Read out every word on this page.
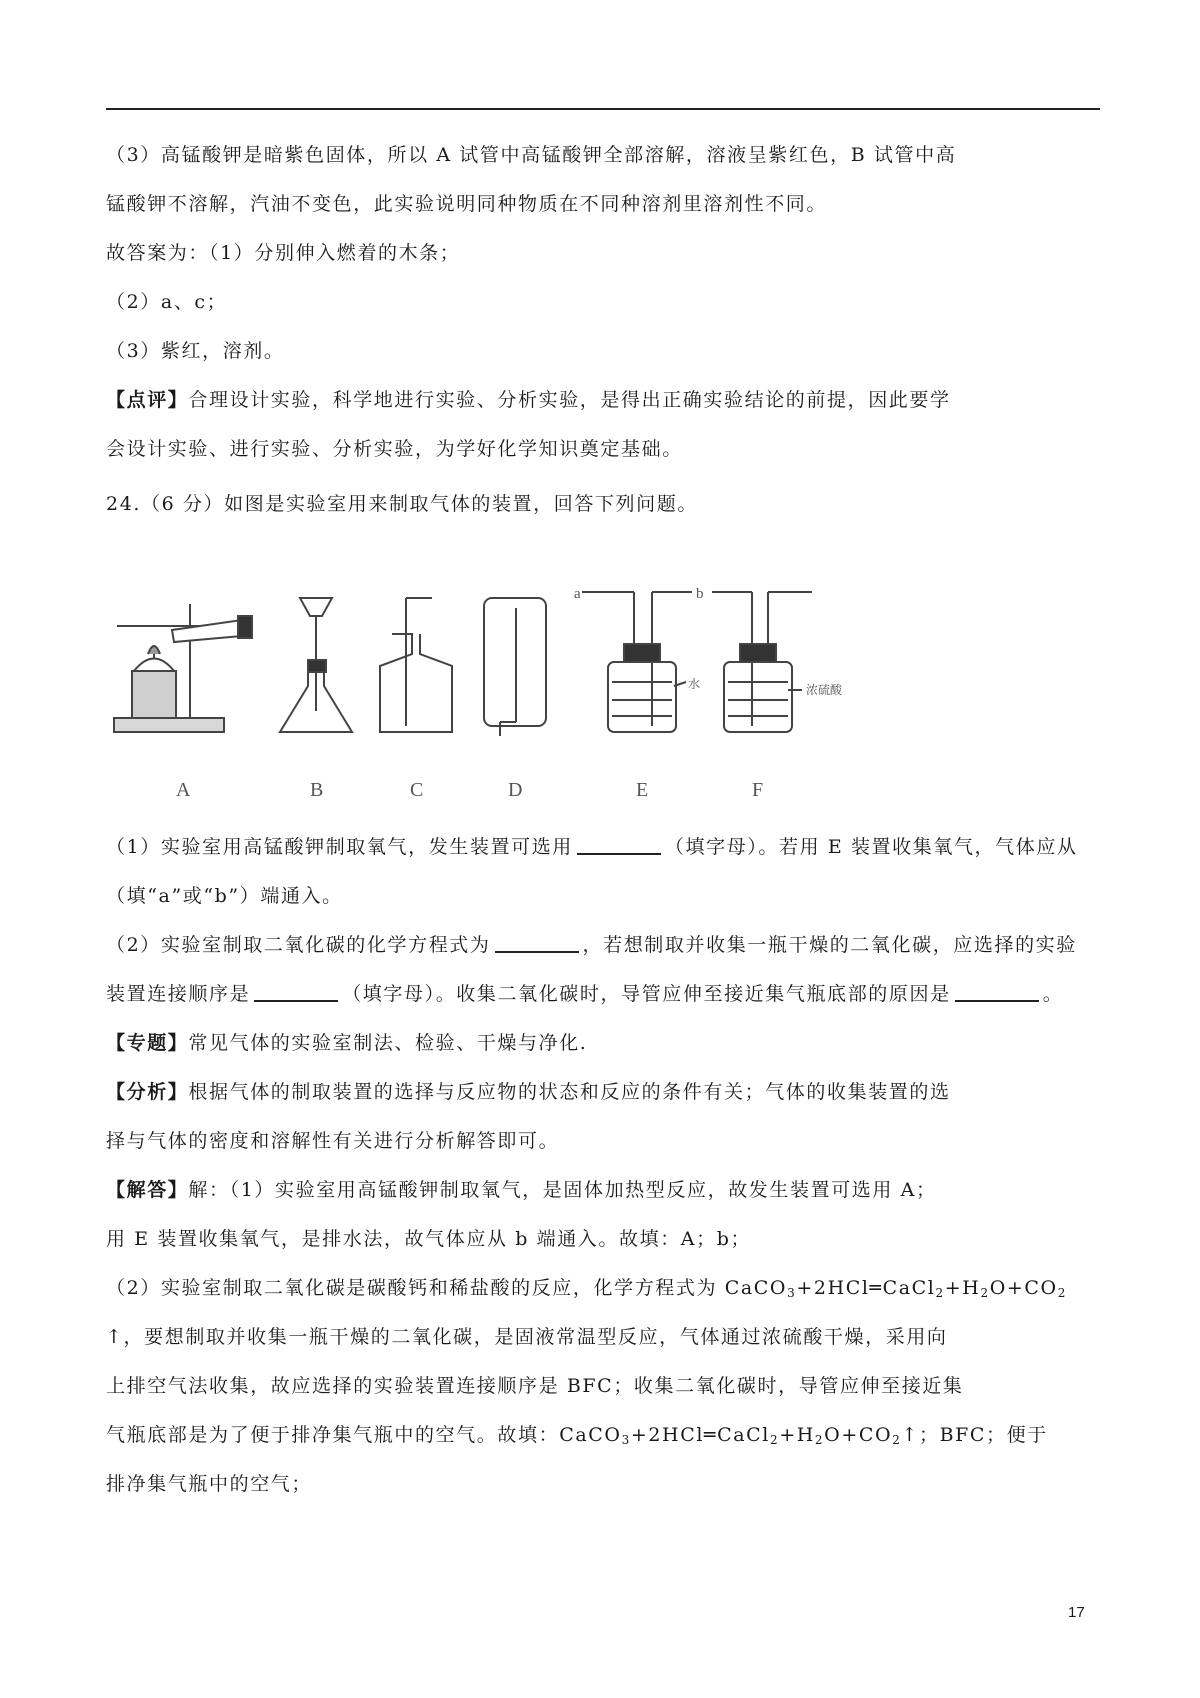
（3）高锰酸钾是暗紫色固体，所以 A 试管中高锰酸钾全部溶解，溶液呈紫红色，B 试管中高
锰酸钾不溶解，汽油不变色，此实验说明同种物质在不同种溶剂里溶剂性不同。
故答案为：（1）分别伸入燃着的木条；
（2）a、c；
（3）紫红，溶剂。
【点评】合理设计实验，科学地进行实验、分析实验，是得出正确实验结论的前提，因此要学
会设计实验、进行实验、分析实验，为学好化学知识奠定基础。
24.（6 分）如图是实验室用来制取气体的装置，回答下列问题。
a	b
水	浓硫酸
A	B	C	D	E	F
（1）实验室用高锰酸钾制取氧气，发生装置可选用	（填字母）。若用 E 装置收集氧气，气体应从
（填“a”或“b”）端通入。
（2）实验室制取二氧化碳的化学方程式为	，若想制取并收集一瓶干燥的二氧化碳，应选择的实验
装置连接顺序是	（填字母）。收集二氧化碳时，导管应伸至接近集气瓶底部的原因是	。
【专题】常见气体的实验室制法、检验、干燥与净化.
【分析】根据气体的制取装置的选择与反应物的状态和反应的条件有关；气体的收集装置的选
择与气体的密度和溶解性有关进行分析解答即可。
【解答】解：（1）实验室用高锰酸钾制取氧气，是固体加热型反应，故发生装置可选用 A；
用 E 装置收集氧气，是排水法，故气体应从 b 端通入。故填：A；b；
（2）实验室制取二氧化碳是碳酸钙和稀盐酸的反应，化学方程式为 $CaCO_3+2HCl═CaCl_2+H_2O+CO_2$
↑，要想制取并收集一瓶干燥的二氧化碳，是固液常温型反应，气体通过浓硫酸干燥，采用向
上排空气法收集，故应选择的实验装置连接顺序是 BFC；收集二氧化碳时，导管应伸至接近集
气瓶底部是为了便于排净集气瓶中的空气。故填：$CaCO_3+2HCl═CaCl_2+H_2O+CO_2↑$；BFC；便于
排净集气瓶中的空气；
17
